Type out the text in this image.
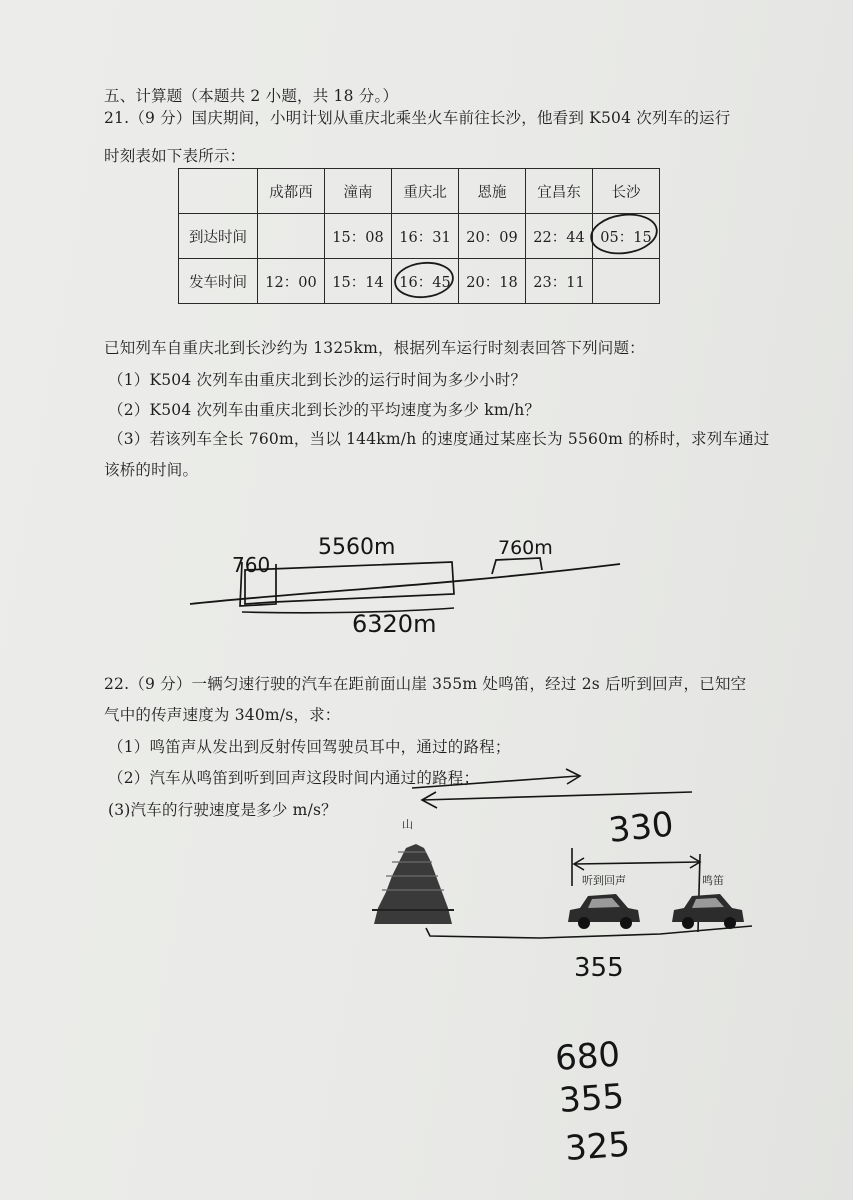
五、计算题（本题共 2 小题，共 18 分。）
21.（9 分）国庆期间，小明计划从重庆北乘坐火车前往长沙，他看到 K504 次列车的运行
时刻表如下表所示：
	成都西	潼南	重庆北	恩施	宜昌东	长沙
到达时间		15：08	16：31	20：09	22：44	05：15
发车时间	12：00	15：14	16：45	20：18	23：11	
已知列车自重庆北到长沙约为 1325km，根据列车运行时刻表回答下列问题：
（1）K504 次列车由重庆北到长沙的运行时间为多少小时？
（2）K504 次列车由重庆北到长沙的平均速度为多少 km/h？
（3）若该列车全长 760m，当以 144km/h 的速度通过某座长为 5560m 的桥时，求列车通过
该桥的时间。
760
5560m	760m
6320m
22.（9 分）一辆匀速行驶的汽车在距前面山崖 355m 处鸣笛，经过 2s 后听到回声，已知空
气中的传声速度为 340m/s，求：
（1）鸣笛声从发出到反射传回驾驶员耳中，通过的路程；
（2）汽车从鸣笛到听到回声这段时间内通过的路程；
(3)汽车的行驶速度是多少 m/s？
山	330
听到回声	鸣笛
355
680
355
325
